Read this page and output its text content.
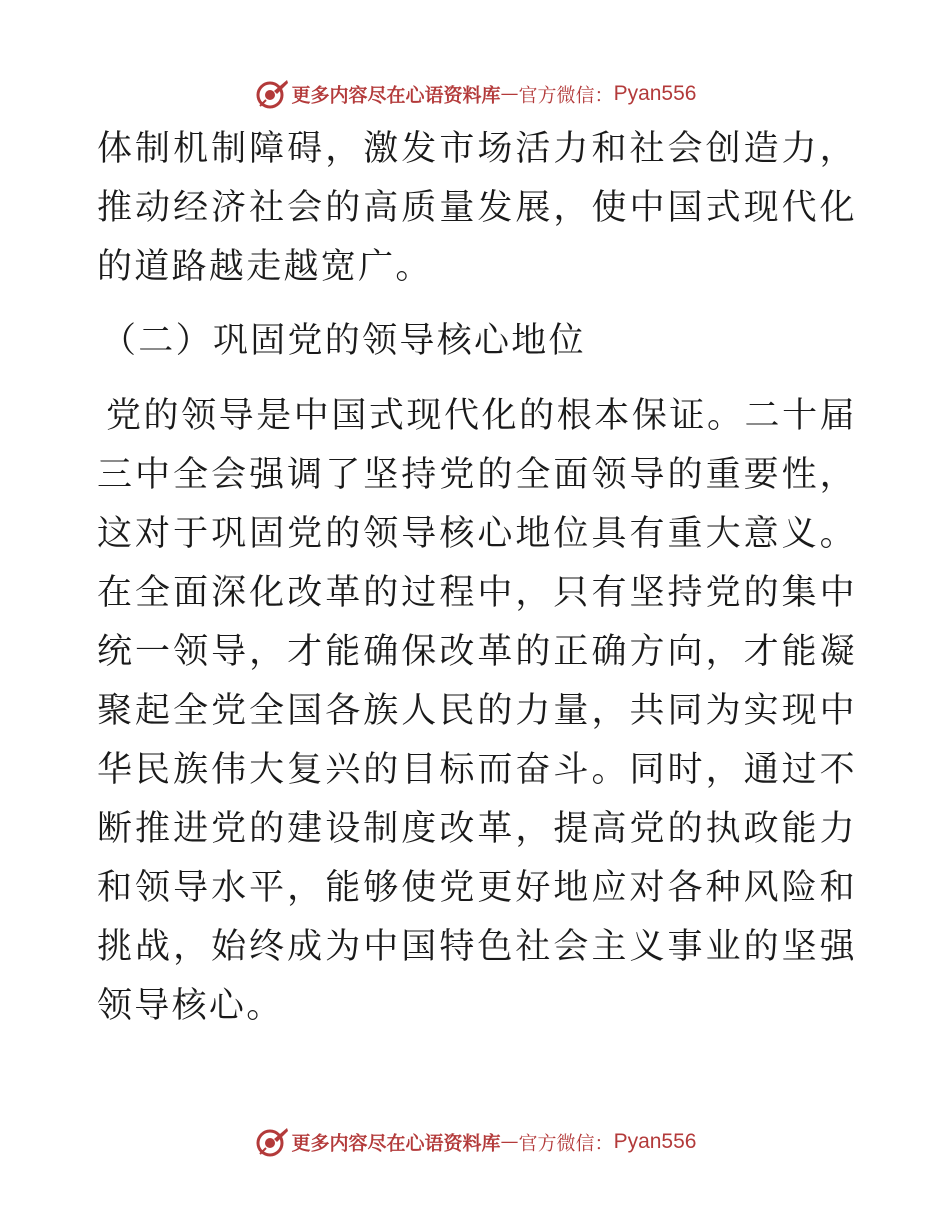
更多内容尽在心语资料库—官方微信：Pyan556

体制机制障碍，激发市场活力和社会创造力，推动经济社会的高质量发展，使中国式现代化的道路越走越宽广。

（二）巩固党的领导核心地位

党的领导是中国式现代化的根本保证。二十届三中全会强调了坚持党的全面领导的重要性，这对于巩固党的领导核心地位具有重大意义。在全面深化改革的过程中，只有坚持党的集中统一领导，才能确保改革的正确方向，才能凝聚起全党全国各族人民的力量，共同为实现中华民族伟大复兴的目标而奋斗。同时，通过不断推进党的建设制度改革，提高党的执政能力和领导水平，能够使党更好地应对各种风险和挑战，始终成为中国特色社会主义事业的坚强领导核心。

更多内容尽在心语资料库—官方微信：Pyan556
